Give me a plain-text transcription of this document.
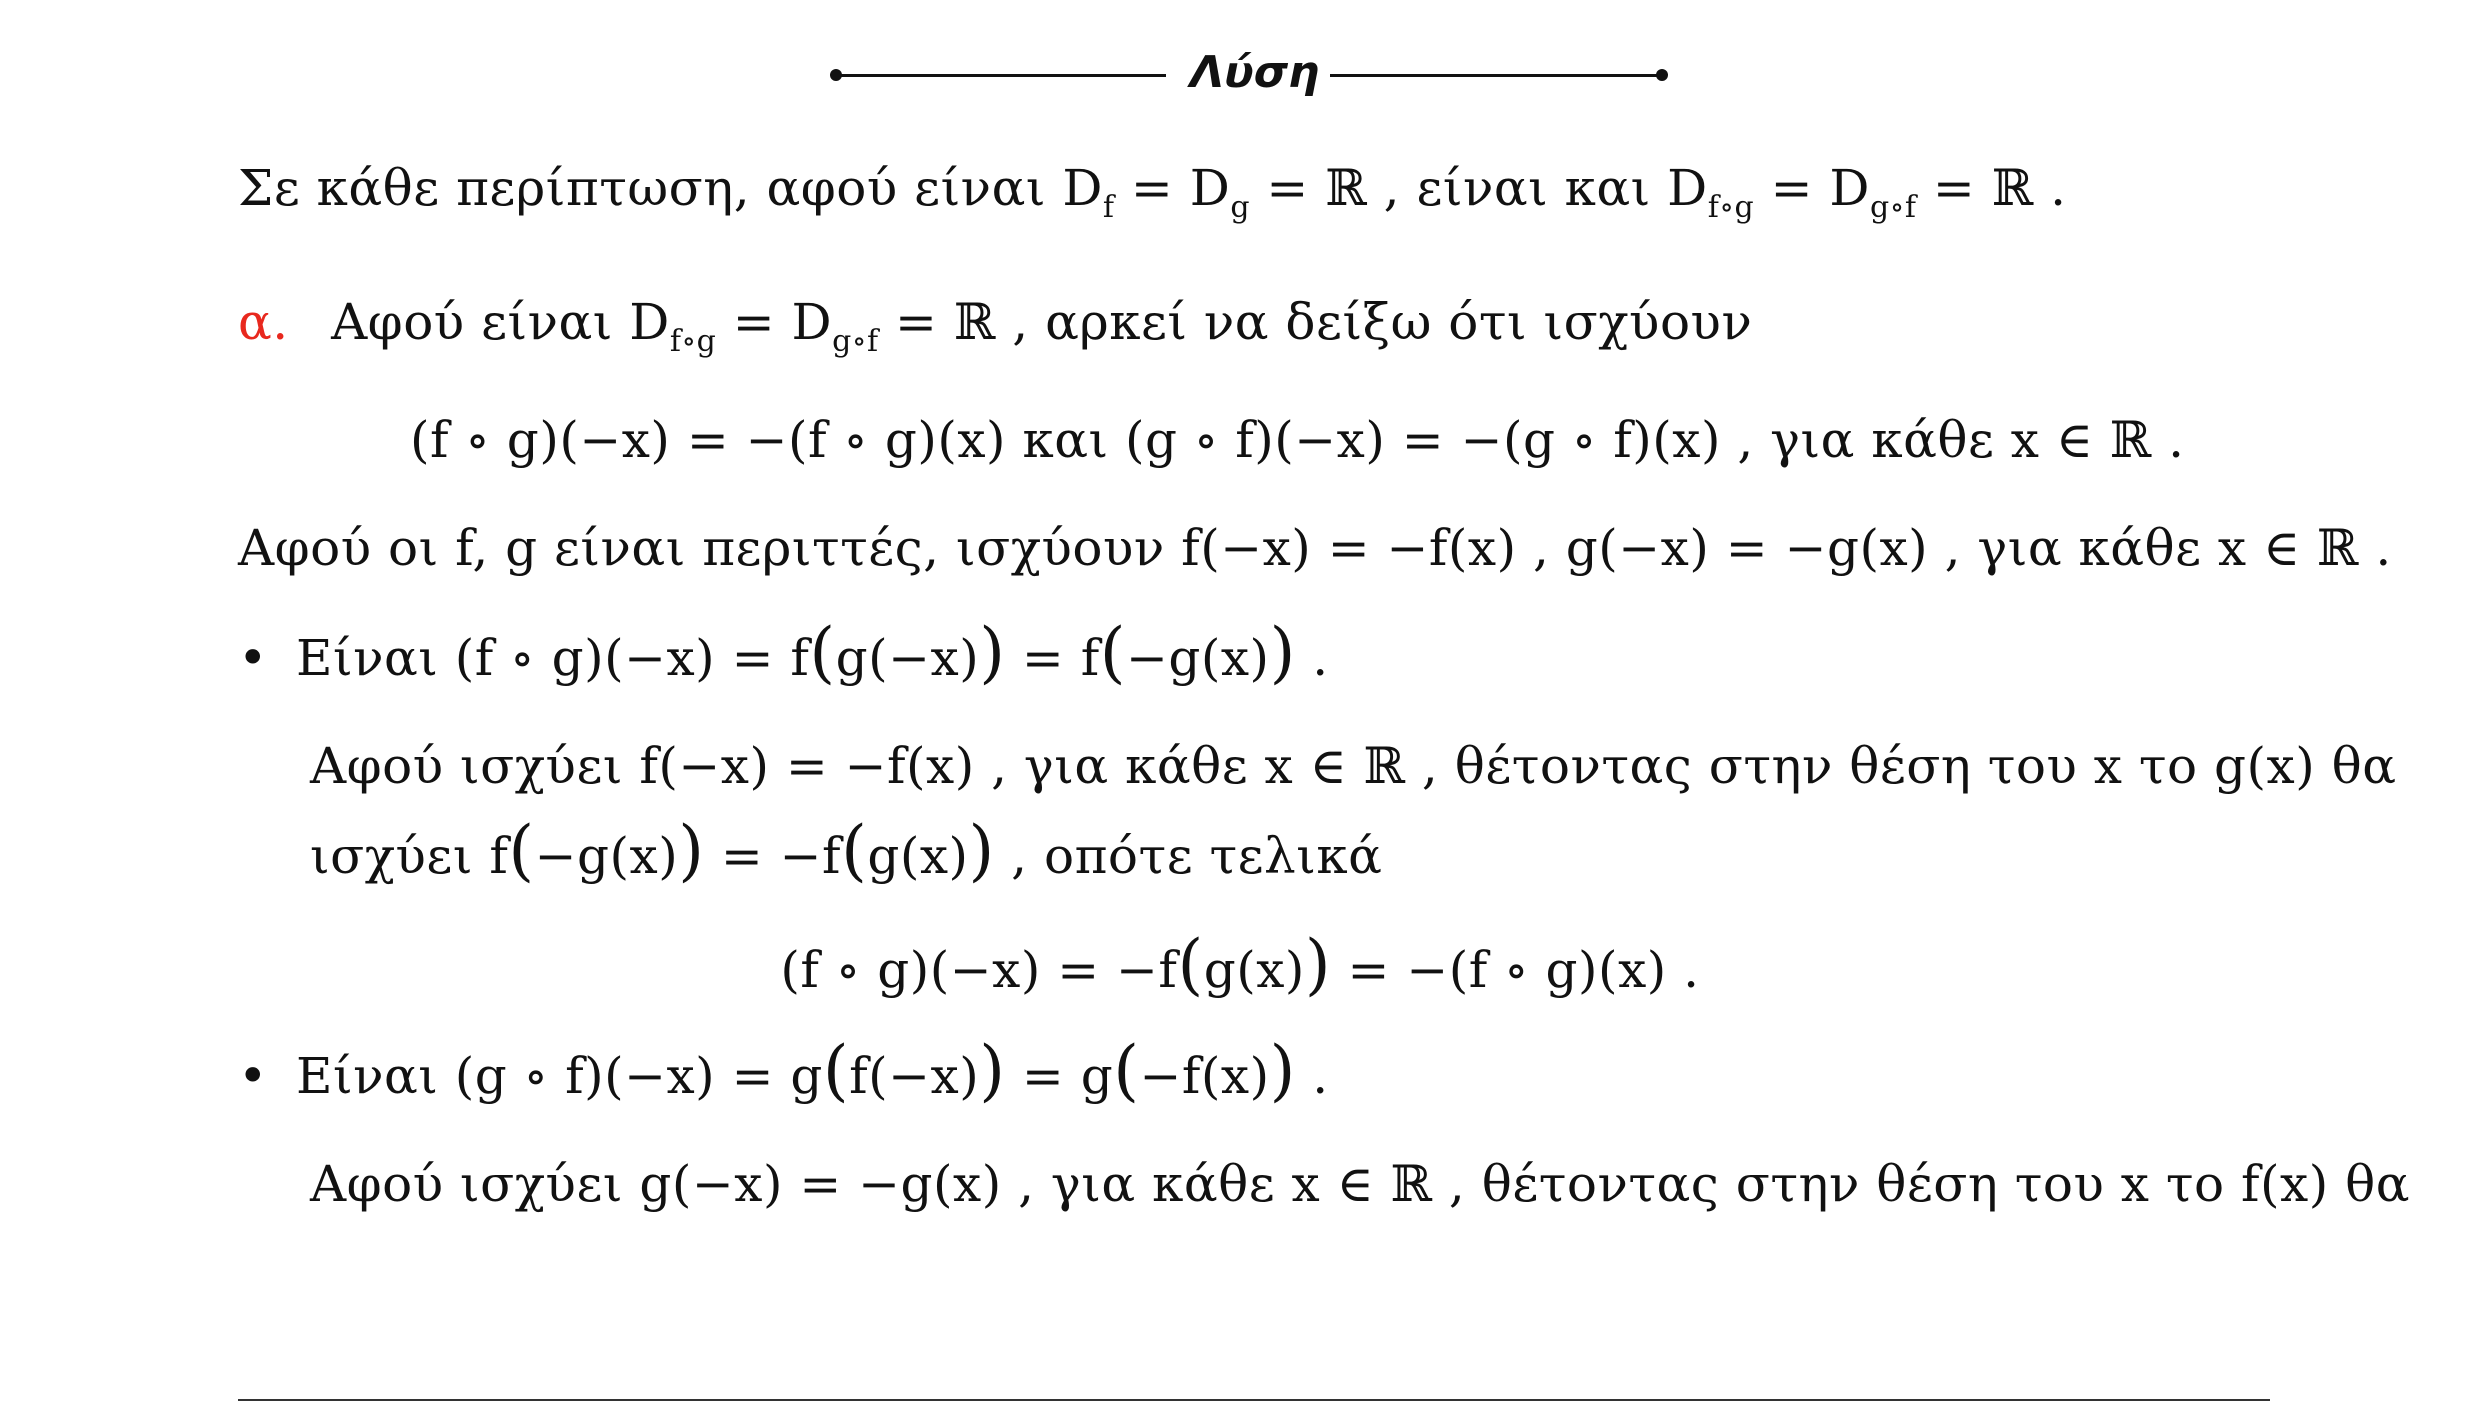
Λύση
Σε κάθε περίπτωση, αφού είναι $D_f = D_g$ = ℝ , είναι και $D_{f\circ g} = D_{g\circ f}$ = ℝ .
α. Αφού είναι $D_{f\circ g} = D_{g\circ f}$ = ℝ , αρκεί να δείξω ότι ισχύουν
(f ∘ g)(−x) = −(f ∘ g)(x) και (g ∘ f)(−x) = −(g ∘ f)(x) , για κάθε x ∈ ℝ .
Αφού οι f, g είναι περιττές, ισχύουν f(−x) = −f(x) , g(−x) = −g(x) , για κάθε x ∈ ℝ .
• Είναι (f ∘ g)(−x) = f(g(−x)) = f(−g(x)) .
Αφού ισχύει f(−x) = −f(x) , για κάθε x ∈ ℝ , θέτοντας στην θέση του x το g(x) θα
ισχύει f(−g(x)) = −f(g(x)) , οπότε τελικά
(f ∘ g)(−x) = −f(g(x)) = −(f ∘ g)(x) .
• Είναι (g ∘ f)(−x) = g(f(−x)) = g(−f(x)) .
Αφού ισχύει g(−x) = −g(x) , για κάθε x ∈ ℝ , θέτοντας στην θέση του x το f(x) θα
